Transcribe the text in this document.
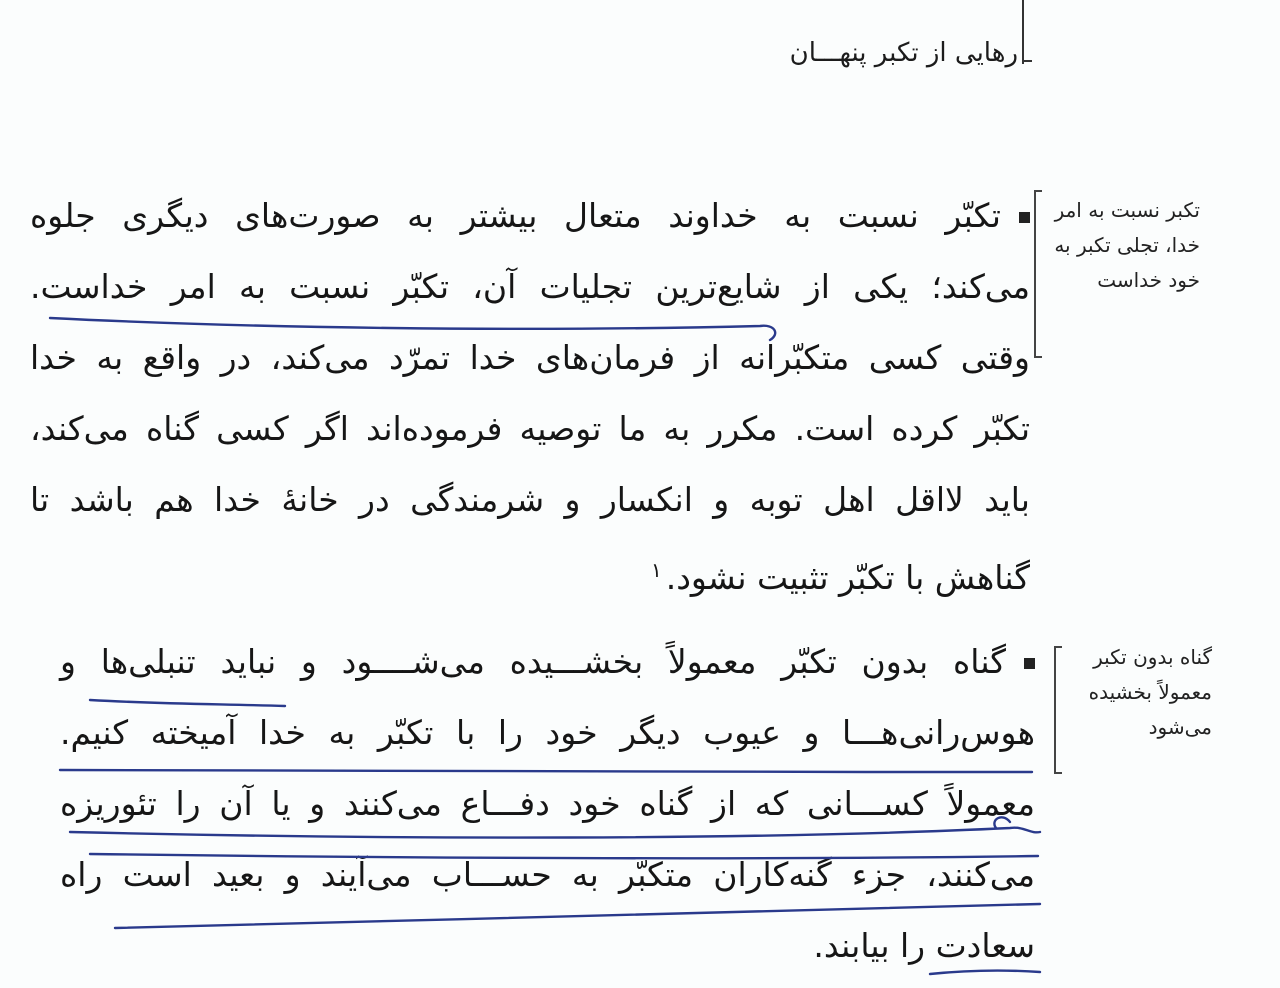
رهایی از تکبر پنهـــان
تکبر نسبت به امر خدا، تجلی تکبر به خود خداست
گناه بدون تکبر معمولاً بخشیده می‌شود
تکبّر نسبت به خداوند متعال بیشتر به صورت‌های دیگری جلوه
می‌کند؛ یکی از شایع‌ترین تجلیات آن، تکبّر نسبت به امر خداست.
وقتی کسی متکبّرانه از فرمان‌های خدا تمرّد می‌کند، در واقع به خدا
تکبّر کرده است. مکرر به ما توصیه فرموده‌اند اگر کسی گناه می‌کند،
باید لااقل اهل توبه و انکسار و شرمندگی در خانۀ خدا هم باشد تا
گناهش با تکبّر تثبیت نشود.$^۱$
گناه بدون تکبّر معمولاً بخشـــیده می‌شــــود و نباید تنبلی‌ها و
هوس‌رانی‌هـــا و عیوب دیگر خود را با تکبّر به خدا آمیخته کنیم.
معمولاً کســـانی که از گناه خود دفـــاع می‌کنند و یا آن را تئوریزه
می‌کنند، جزء گنه‌کاران متکبّر به حســـاب می‌آیند و بعید است راه
سعادت را بیابند.
